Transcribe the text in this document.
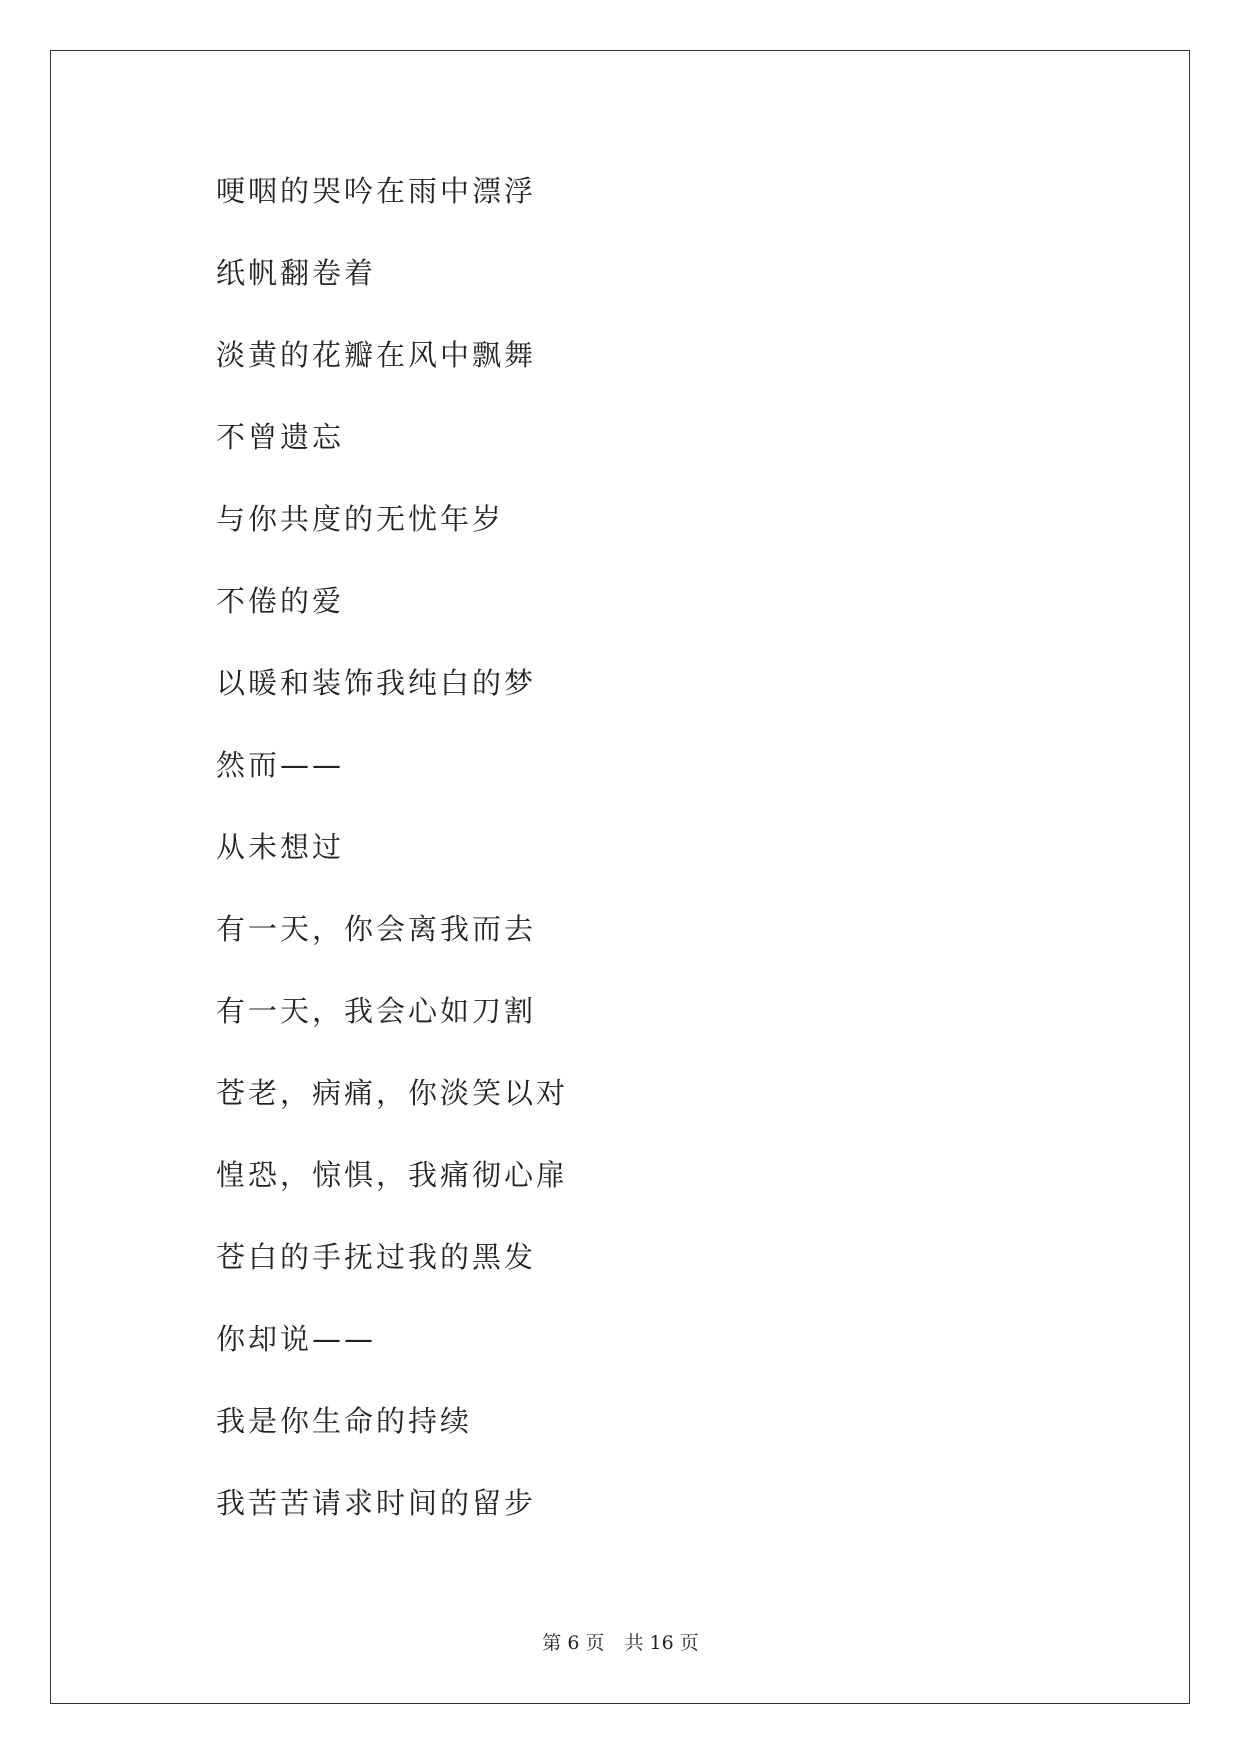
哽咽的哭吟在雨中漂浮
纸帆翻卷着
淡黄的花瓣在风中飘舞
不曾遗忘
与你共度的无忧年岁
不倦的爱
以暖和装饰我纯白的梦
然而——
从未想过
有一天，你会离我而去
有一天，我会心如刀割
苍老，病痛，你淡笑以对
惶恐，惊惧，我痛彻心扉
苍白的手抚过我的黑发
你却说——
我是你生命的持续
我苦苦请求时间的留步
第 6 页 共 16 页
